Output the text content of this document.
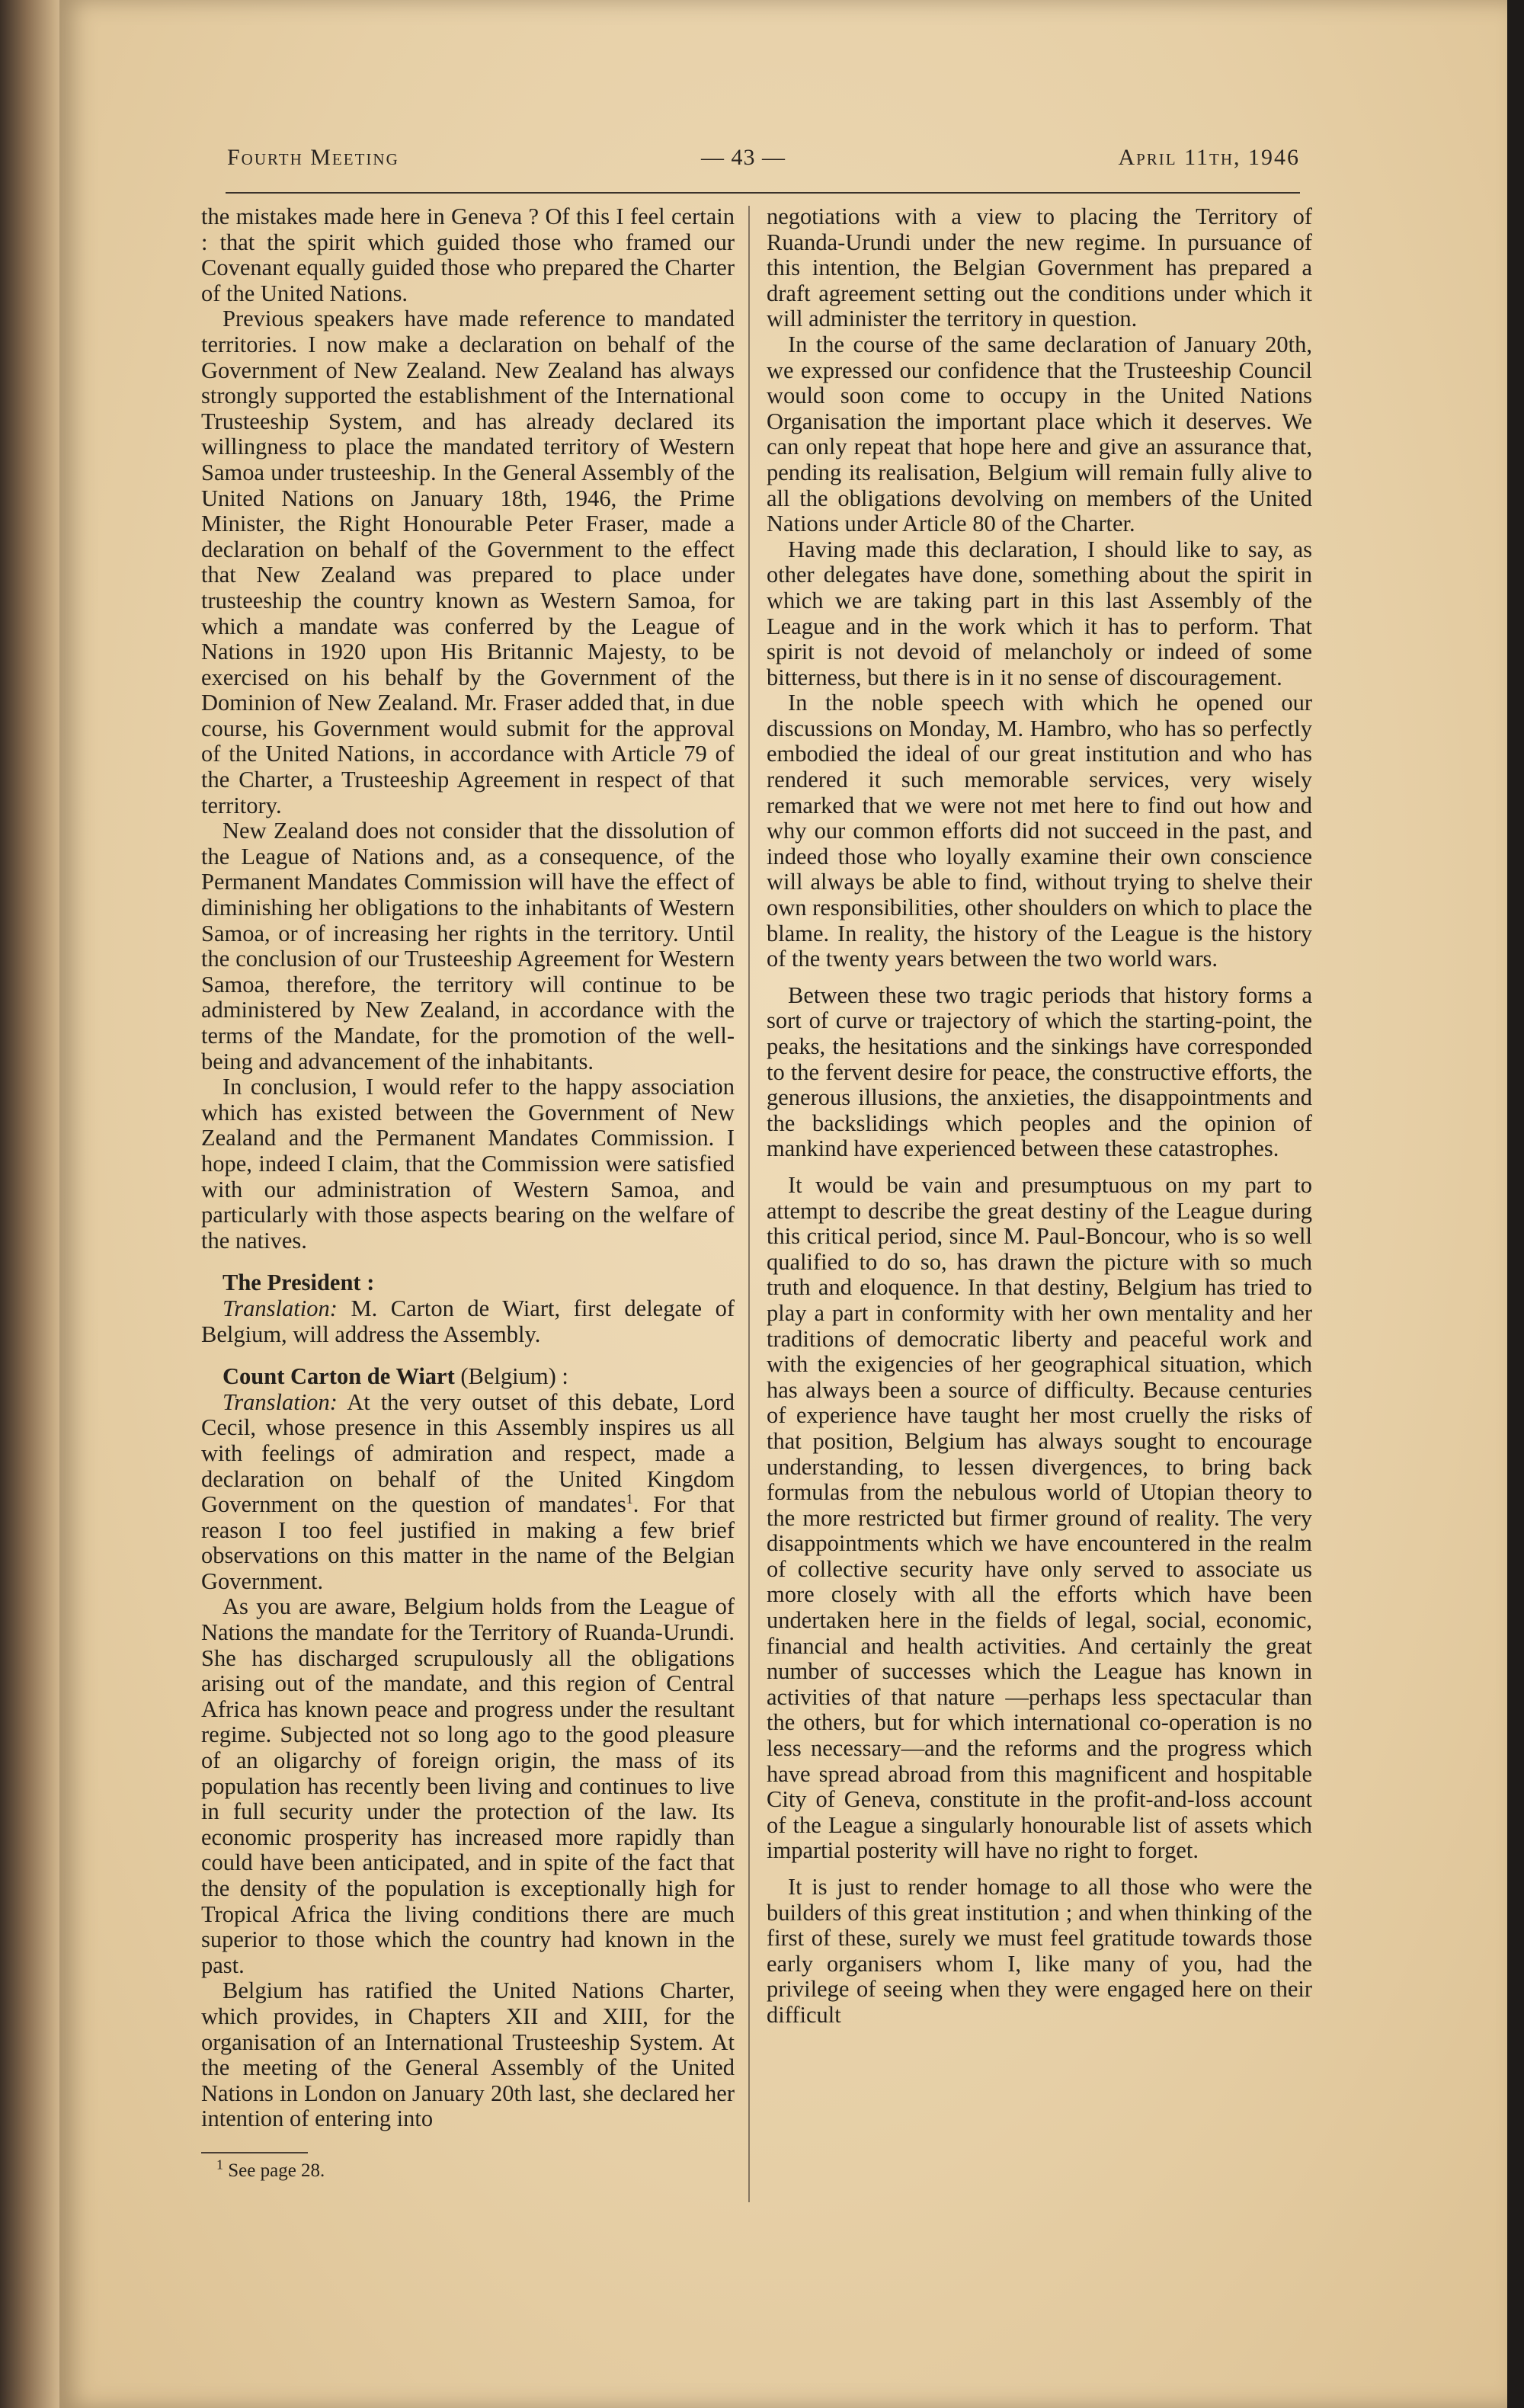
Fourth Meeting	— 43 —	April 11th, 1946

the mistakes made here in Geneva ? Of this I feel certain : that the spirit which guided those who framed our Covenant equally guided those who prepared the Charter of the United Nations.

Previous speakers have made reference to mandated territories. I now make a declaration on behalf of the Government of New Zealand. New Zealand has always strongly supported the establishment of the International Trusteeship System, and has already declared its willingness to place the mandated territory of Western Samoa under trusteeship. In the General Assembly of the United Nations on January 18th, 1946, the Prime Minister, the Right Honourable Peter Fraser, made a declaration on behalf of the Government to the effect that New Zealand was prepared to place under trusteeship the country known as Western Samoa, for which a mandate was conferred by the League of Nations in 1920 upon His Britannic Majesty, to be exercised on his behalf by the Government of the Dominion of New Zealand. Mr. Fraser added that, in due course, his Government would submit for the approval of the United Nations, in accordance with Article 79 of the Charter, a Trusteeship Agreement in respect of that territory.

New Zealand does not consider that the dissolution of the League of Nations and, as a consequence, of the Permanent Mandates Commission will have the effect of diminishing her obligations to the inhabitants of Western Samoa, or of increasing her rights in the territory. Until the conclusion of our Trusteeship Agreement for Western Samoa, therefore, the territory will continue to be administered by New Zealand, in accordance with the terms of the Mandate, for the promotion of the well-being and advancement of the inhabitants.

In conclusion, I would refer to the happy association which has existed between the Government of New Zealand and the Permanent Mandates Commission. I hope, indeed I claim, that the Commission were satisfied with our administration of Western Samoa, and particularly with those aspects bearing on the welfare of the natives.

The President :

Translation: M. Carton de Wiart, first delegate of Belgium, will address the Assembly.

Count Carton de Wiart (Belgium) :

Translation: At the very outset of this debate, Lord Cecil, whose presence in this Assembly inspires us all with feelings of admiration and respect, made a declaration on behalf of the United Kingdom Government on the question of mandates$^1$. For that reason I too feel justified in making a few brief observations on this matter in the name of the Belgian Government.

As you are aware, Belgium holds from the League of Nations the mandate for the Territory of Ruanda-Urundi. She has discharged scrupulously all the obligations arising out of the mandate, and this region of Central Africa has known peace and progress under the resultant regime. Subjected not so long ago to the good pleasure of an oligarchy of foreign origin, the mass of its population has recently been living and continues to live in full security under the protection of the law. Its economic prosperity has increased more rapidly than could have been anticipated, and in spite of the fact that the density of the population is exceptionally high for Tropical Africa the living conditions there are much superior to those which the country had known in the past.

Belgium has ratified the United Nations Charter, which provides, in Chapters XII and XIII, for the organisation of an International Trusteeship System. At the meeting of the General Assembly of the United Nations in London on January 20th last, she declared her intention of entering into

$^1$ See page 28.

negotiations with a view to placing the Territory of Ruanda-Urundi under the new regime. In pursuance of this intention, the Belgian Government has prepared a draft agreement setting out the conditions under which it will administer the territory in question.

In the course of the same declaration of January 20th, we expressed our confidence that the Trusteeship Council would soon come to occupy in the United Nations Organisation the important place which it deserves. We can only repeat that hope here and give an assurance that, pending its realisation, Belgium will remain fully alive to all the obligations devolving on members of the United Nations under Article 80 of the Charter.

Having made this declaration, I should like to say, as other delegates have done, something about the spirit in which we are taking part in this last Assembly of the League and in the work which it has to perform. That spirit is not devoid of melancholy or indeed of some bitterness, but there is in it no sense of discouragement.

In the noble speech with which he opened our discussions on Monday, M. Hambro, who has so perfectly embodied the ideal of our great institution and who has rendered it such memorable services, very wisely remarked that we were not met here to find out how and why our common efforts did not succeed in the past, and indeed those who loyally examine their own conscience will always be able to find, without trying to shelve their own responsibilities, other shoulders on which to place the blame. In reality, the history of the League is the history of the twenty years between the two world wars.

Between these two tragic periods that history forms a sort of curve or trajectory of which the starting-point, the peaks, the hesitations and the sinkings have corresponded to the fervent desire for peace, the constructive efforts, the generous illusions, the anxieties, the disappointments and the backslidings which peoples and the opinion of mankind have experienced between these catastrophes.

It would be vain and presumptuous on my part to attempt to describe the great destiny of the League during this critical period, since M. Paul-Boncour, who is so well qualified to do so, has drawn the picture with so much truth and eloquence. In that destiny, Belgium has tried to play a part in conformity with her own mentality and her traditions of democratic liberty and peaceful work and with the exigencies of her geographical situation, which has always been a source of difficulty. Because centuries of experience have taught her most cruelly the risks of that position, Belgium has always sought to encourage understanding, to lessen divergences, to bring back formulas from the nebulous world of Utopian theory to the more restricted but firmer ground of reality. The very disappointments which we have encountered in the realm of collective security have only served to associate us more closely with all the efforts which have been undertaken here in the fields of legal, social, economic, financial and health activities. And certainly the great number of successes which the League has known in activities of that nature —perhaps less spectacular than the others, but for which international co-operation is no less necessary—and the reforms and the progress which have spread abroad from this magnificent and hospitable City of Geneva, constitute in the profit-and-loss account of the League a singularly honourable list of assets which impartial posterity will have no right to forget.

It is just to render homage to all those who were the builders of this great institution ; and when thinking of the first of these, surely we must feel gratitude towards those early organisers whom I, like many of you, had the privilege of seeing when they were engaged here on their difficult
